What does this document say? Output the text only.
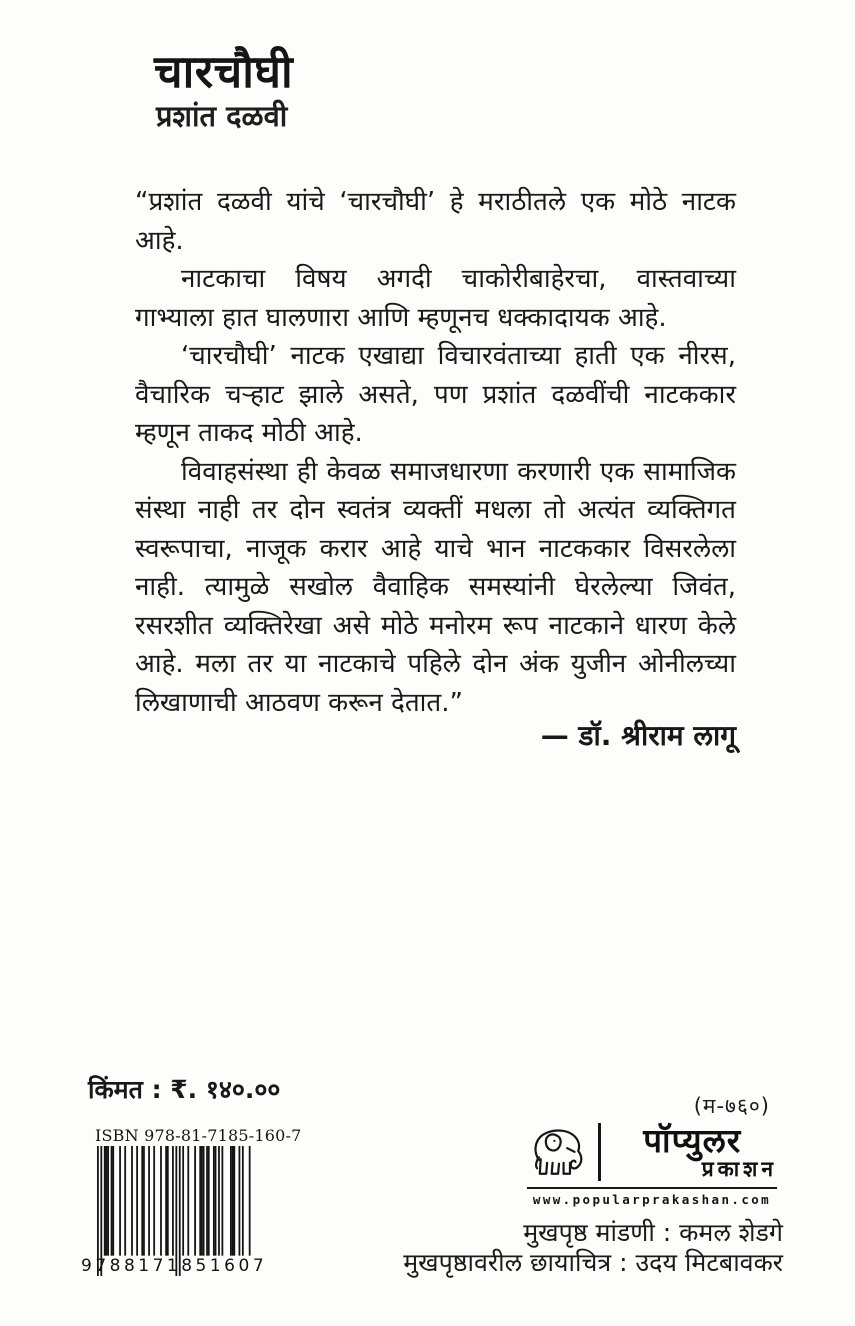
चारचौघी
प्रशांत दळवी

“प्रशांत दळवी यांचे ‘चारचौघी’ हे मराठीतले एक मोठे नाटक आहे.

नाटकाचा विषय अगदी चाकोरीबाहेरचा, वास्तवाच्या गाभ्याला हात घालणारा आणि म्हणूनच धक्कादायक आहे.

‘चारचौघी’ नाटक एखाद्या विचारवंताच्या हाती एक नीरस, वैचारिक चऱ्हाट झाले असते, पण प्रशांत दळवींची नाटककार म्हणून ताकद मोठी आहे.

विवाहसंस्था ही केवळ समाजधारणा करणारी एक सामाजिक संस्था नाही तर दोन स्वतंत्र व्यक्तीं मधला तो अत्यंत व्यक्तिगत स्वरूपाचा, नाजूक करार आहे याचे भान नाटककार विसरलेला नाही. त्यामुळे सखोल वैवाहिक समस्यांनी घेरलेल्या जिवंत, रसरशीत व्यक्तिरेखा असे मोठे मनोरम रूप नाटकाने धारण केले आहे. मला तर या नाटकाचे पहिले दोन अंक युजीन ओनीलच्या लिखाणाची आठवण करून देतात.”

— डॉ. श्रीराम लागू
किंमत : ₹. १४०.००
(म-७६०)
ISBN 978-81-7185-160-7
9 788171 851607
पॉप्युलर
प्रकाशन
www.popularprakashan.com
मुखपृष्ठ मांडणी : कमल शेडगे
मुखपृष्ठावरील छायाचित्र : उदय मिटबावकर
